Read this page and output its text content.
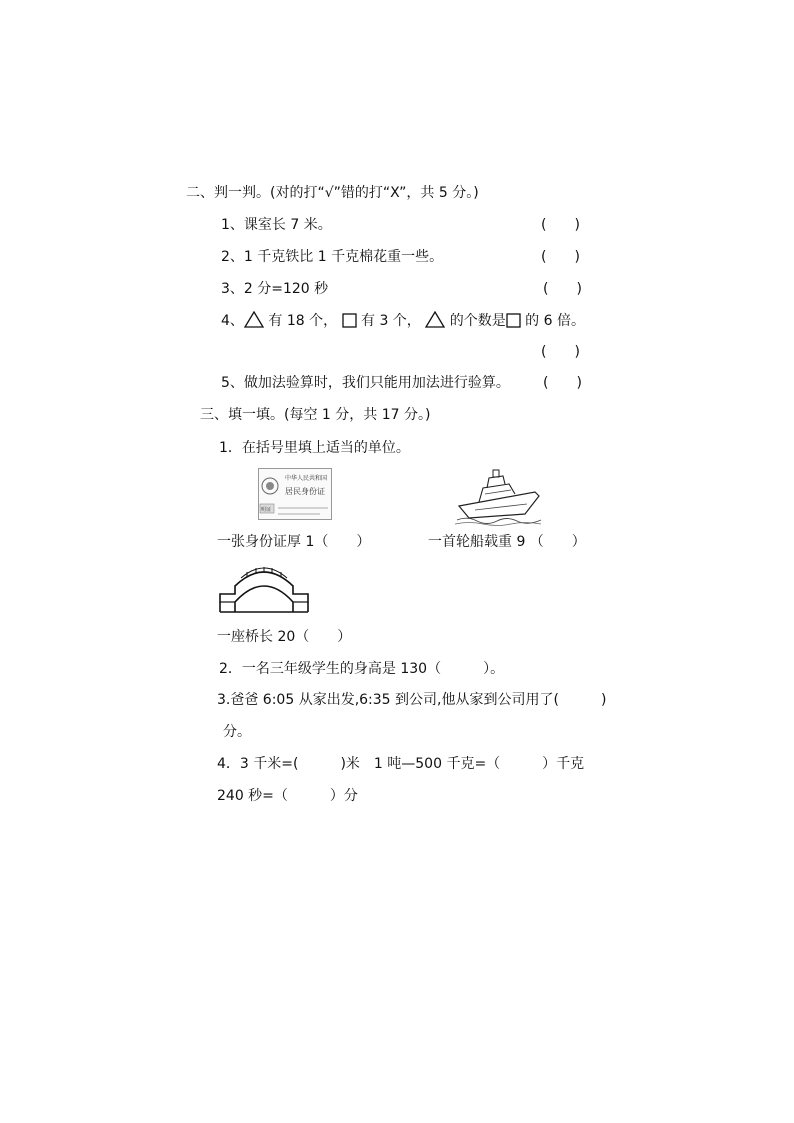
二、判一判。(对的打“√”错的打“X”，共 5 分。)
1、课室长 7 米。	(　　)
2、1 千克铁比 1 千克棉花重一些。	(　　)
3、2 分=120 秒	(　　)
4、
有 18 个，
有 3 个，
的个数是
的 6 倍。
(　　)
5、做加法验算时，我们只能用加法进行验算。 (　　)
三、填一填。(每空 1 分，共 17 分。)
1．在括号里填上适当的单位。
中华人民共和国
居民身份证
明证
一张身份证厚 1（　　）	一首轮船载重 9 （　　）
一座桥长 20（　　）
2．一名三年级学生的身高是 130（　　　）。
3.爸爸 6:05 从家出发,6:35 到公司,他从家到公司用了(　　　)
分。
4．3 千米=(　　　)米　1 吨—500 千克=（　　　）千克
240 秒=（　　　）分
